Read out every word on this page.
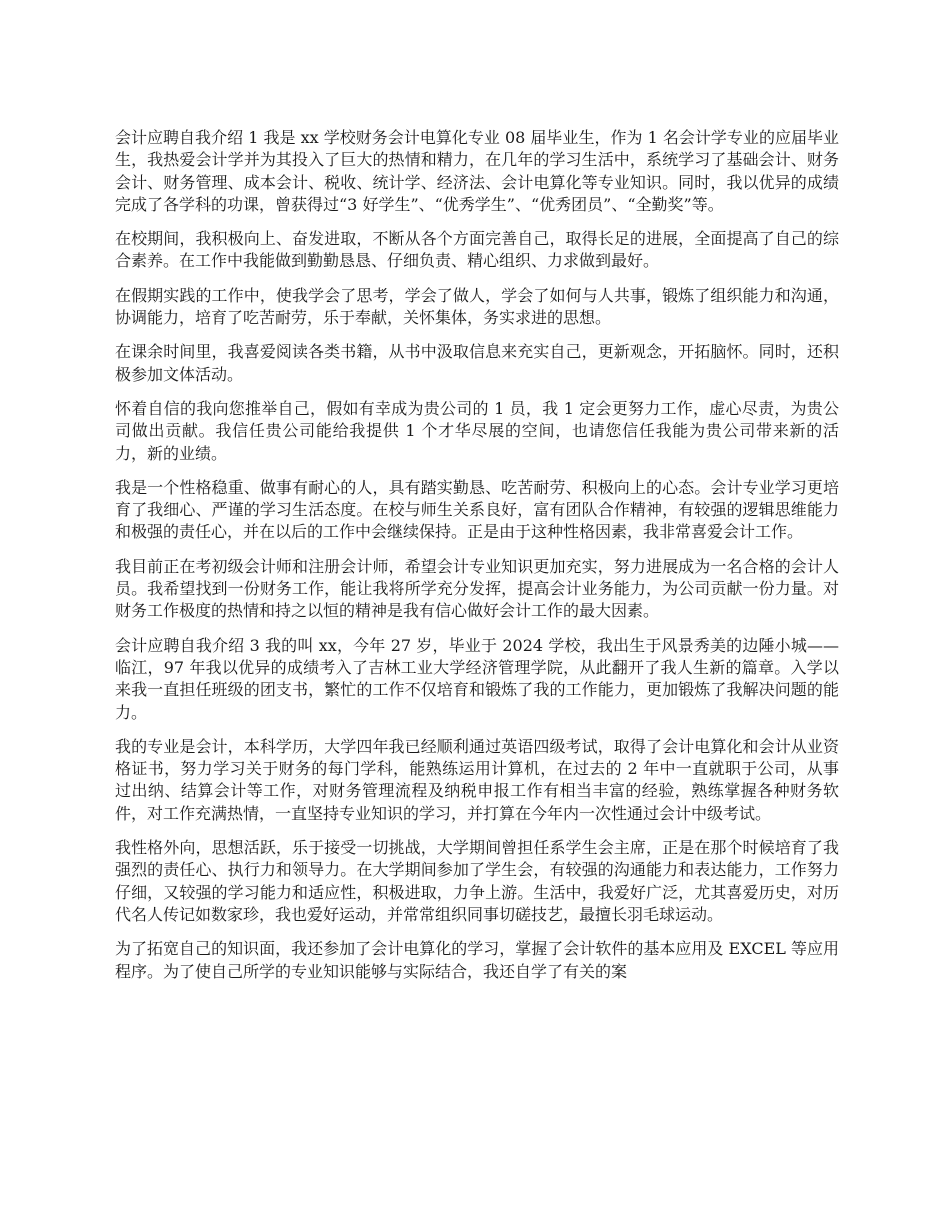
会计应聘自我介绍 1 我是 xx 学校财务会计电算化专业 08 届毕业生，作为 1 名会计学专业的应届毕业生，我热爱会计学并为其投入了巨大的热情和精力，在几年的学习生活中，系统学习了基础会计、财务会计、财务管理、成本会计、税收、统计学、经济法、会计电算化等专业知识。同时，我以优异的成绩完成了各学科的功课，曾获得过“3 好学生”、“优秀学生”、“优秀团员”、“全勤奖”等。

在校期间，我积极向上、奋发进取，不断从各个方面完善自己，取得长足的进展，全面提高了自己的综合素养。在工作中我能做到勤勤恳恳、仔细负责、精心组织、力求做到最好。

在假期实践的工作中，使我学会了思考，学会了做人，学会了如何与人共事，锻炼了组织能力和沟通，协调能力，培育了吃苦耐劳，乐于奉献，关怀集体，务实求进的思想。

在课余时间里，我喜爱阅读各类书籍，从书中汲取信息来充实自己，更新观念，开拓脑怀。同时，还积极参加文体活动。

怀着自信的我向您推举自己，假如有幸成为贵公司的 1 员，我 1 定会更努力工作，虚心尽责，为贵公司做出贡献。我信任贵公司能给我提供 1 个才华尽展的空间，也请您信任我能为贵公司带来新的活力，新的业绩。

我是一个性格稳重、做事有耐心的人，具有踏实勤恳、吃苦耐劳、积极向上的心态。会计专业学习更培育了我细心、严谨的学习生活态度。在校与师生关系良好，富有团队合作精神，有较强的逻辑思维能力和极强的责任心，并在以后的工作中会继续保持。正是由于这种性格因素，我非常喜爱会计工作。

我目前正在考初级会计师和注册会计师，希望会计专业知识更加充实，努力进展成为一名合格的会计人员。我希望找到一份财务工作，能让我将所学充分发挥，提高会计业务能力，为公司贡献一份力量。对财务工作极度的热情和持之以恒的精神是我有信心做好会计工作的最大因素。

会计应聘自我介绍 3 我的叫 xx，今年 27 岁，毕业于 2024 学校，我出生于风景秀美的边陲小城——临江，97 年我以优异的成绩考入了吉林工业大学经济管理学院，从此翻开了我人生新的篇章。入学以来我一直担任班级的团支书，繁忙的工作不仅培育和锻炼了我的工作能力，更加锻炼了我解决问题的能力。

我的专业是会计，本科学历，大学四年我已经顺利通过英语四级考试，取得了会计电算化和会计从业资格证书，努力学习关于财务的每门学科，能熟练运用计算机，在过去的 2 年中一直就职于公司，从事过出纳、结算会计等工作，对财务管理流程及纳税申报工作有相当丰富的经验，熟练掌握各种财务软件，对工作充满热情，一直坚持专业知识的学习，并打算在今年内一次性通过会计中级考试。

我性格外向，思想活跃，乐于接受一切挑战，大学期间曾担任系学生会主席，正是在那个时候培育了我强烈的责任心、执行力和领导力。在大学期间参加了学生会，有较强的沟通能力和表达能力，工作努力仔细，又较强的学习能力和适应性，积极进取，力争上游。生活中，我爱好广泛，尤其喜爱历史，对历代名人传记如数家珍，我也爱好运动，并常常组织同事切磋技艺，最擅长羽毛球运动。

为了拓宽自己的知识面，我还参加了会计电算化的学习，掌握了会计软件的基本应用及 EXCEL 等应用程序。为了使自己所学的专业知识能够与实际结合，我还自学了有关的案
